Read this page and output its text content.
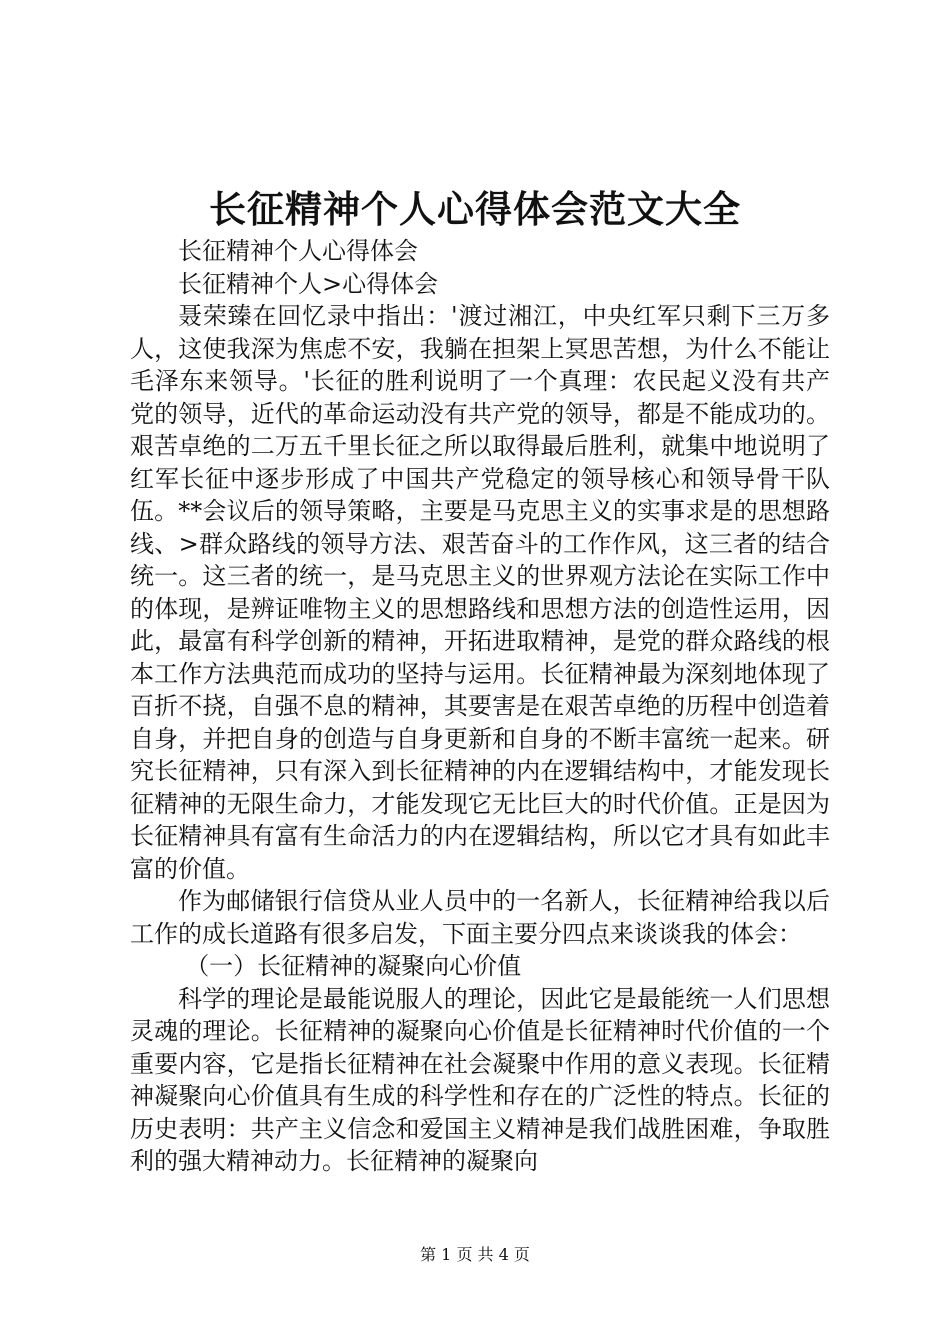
长征精神个人心得体会范文大全

长征精神个人心得体会

长征精神个人>心得体会

聂荣臻在回忆录中指出：'渡过湘江，中央红军只剩下三万多人，这使我深为焦虑不安，我躺在担架上冥思苦想，为什么不能让毛泽东来领导。'长征的胜利说明了一个真理：农民起义没有共产党的领导，近代的革命运动没有共产党的领导，都是不能成功的。艰苦卓绝的二万五千里长征之所以取得最后胜利，就集中地说明了红军长征中逐步形成了中国共产党稳定的领导核心和领导骨干队伍。**会议后的领导策略，主要是马克思主义的实事求是的思想路线、>群众路线的领导方法、艰苦奋斗的工作作风，这三者的结合统一。这三者的统一，是马克思主义的世界观方法论在实际工作中的体现，是辨证唯物主义的思想路线和思想方法的创造性运用，因此，最富有科学创新的精神，开拓进取精神，是党的群众路线的根本工作方法典范而成功的坚持与运用。长征精神最为深刻地体现了百折不挠，自强不息的精神，其要害是在艰苦卓绝的历程中创造着自身，并把自身的创造与自身更新和自身的不断丰富统一起来。研究长征精神，只有深入到长征精神的内在逻辑结构中，才能发现长征精神的无限生命力，才能发现它无比巨大的时代价值。正是因为长征精神具有富有生命活力的内在逻辑结构，所以它才具有如此丰富的价值。

作为邮储银行信贷从业人员中的一名新人，长征精神给我以后工作的成长道路有很多启发，下面主要分四点来谈谈我的体会：

（一）长征精神的凝聚向心价值

科学的理论是最能说服人的理论，因此它是最能统一人们思想灵魂的理论。长征精神的凝聚向心价值是长征精神时代价值的一个重要内容，它是指长征精神在社会凝聚中作用的意义表现。长征精神凝聚向心价值具有生成的科学性和存在的广泛性的特点。长征的历史表明：共产主义信念和爱国主义精神是我们战胜困难，争取胜利的强大精神动力。长征精神的凝聚向

第 1 页 共 4 页
